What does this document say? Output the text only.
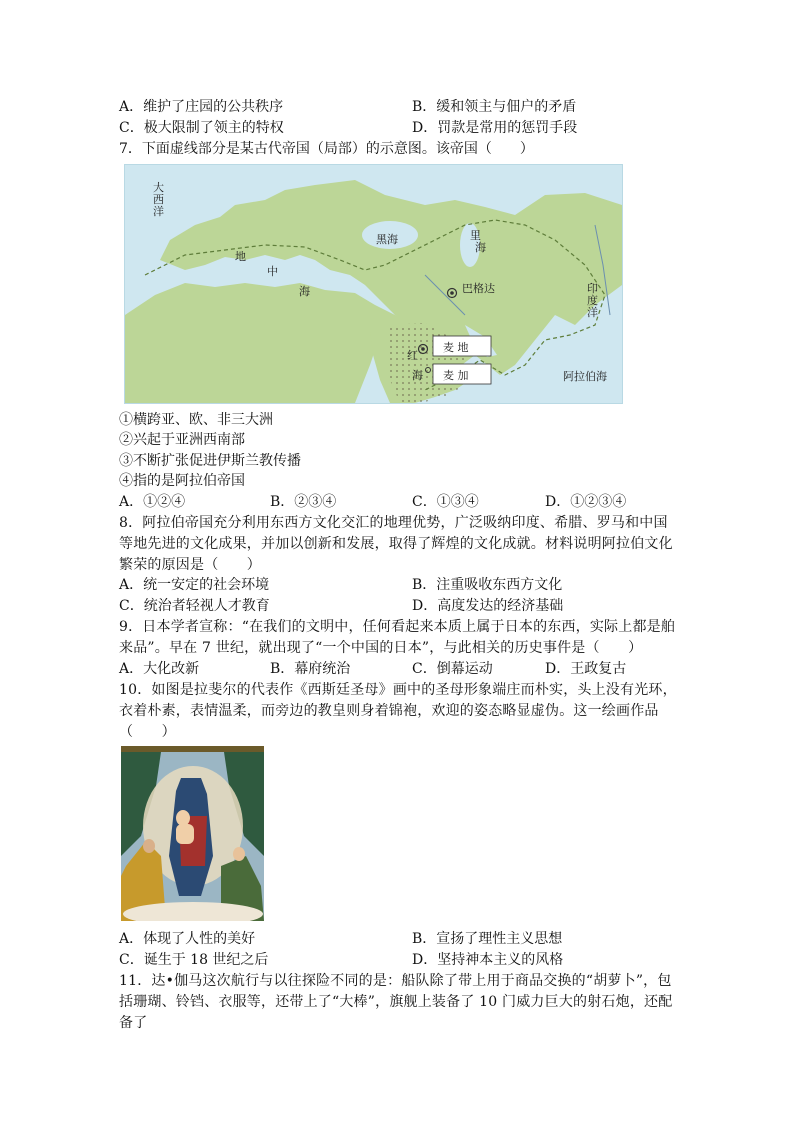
A．维护了庄园的公共秩序	B．缓和领主与佃户的矛盾
C．极大限制了领主的特权	D．罚款是常用的惩罚手段
7．下面虚线部分是某古代帝国（局部）的示意图。该帝国（　　）
大
西
洋
黑海	里
海
地
中
海	巴格达
麦 地
麦 加
红
海
印
度
洋
阿拉伯海
①横跨亚、欧、非三大洲
②兴起于亚洲西南部
③不断扩张促进伊斯兰教传播
④指的是阿拉伯帝国
A．①②④	B．②③④	C．①③④	D．①②③④
8．阿拉伯帝国充分利用东西方文化交汇的地理优势，广泛吸纳印度、希腊、罗马和中国等地先进的文化成果，并加以创新和发展，取得了辉煌的文化成就。材料说明阿拉伯文化繁荣的原因是（　　）
A．统一安定的社会环境	B．注重吸收东西方文化
C．统治者轻视人才教育	D．高度发达的经济基础
9．日本学者宣称：“在我们的文明中，任何看起来本质上属于日本的东西，实际上都是舶来品”。早在 7 世纪，就出现了“一个中国的日本”，与此相关的历史事件是（　　）
A．大化改新	B．幕府统治	C．倒幕运动	D．王政复古
10．如图是拉斐尔的代表作《西斯廷圣母》画中的圣母形象端庄而朴实，头上没有光环，衣着朴素，表情温柔，而旁边的教皇则身着锦袍，欢迎的姿态略显虚伪。这一绘画作品（　　）
A．体现了人性的美好	B．宣扬了理性主义思想
C．诞生于 18 世纪之后	D．坚持神本主义的风格
11．达•伽马这次航行与以往探险不同的是：船队除了带上用于商品交换的“胡萝卜”，包括珊瑚、铃铛、衣服等，还带上了“大棒”，旗舰上装备了 10 门威力巨大的射石炮，还配备了
